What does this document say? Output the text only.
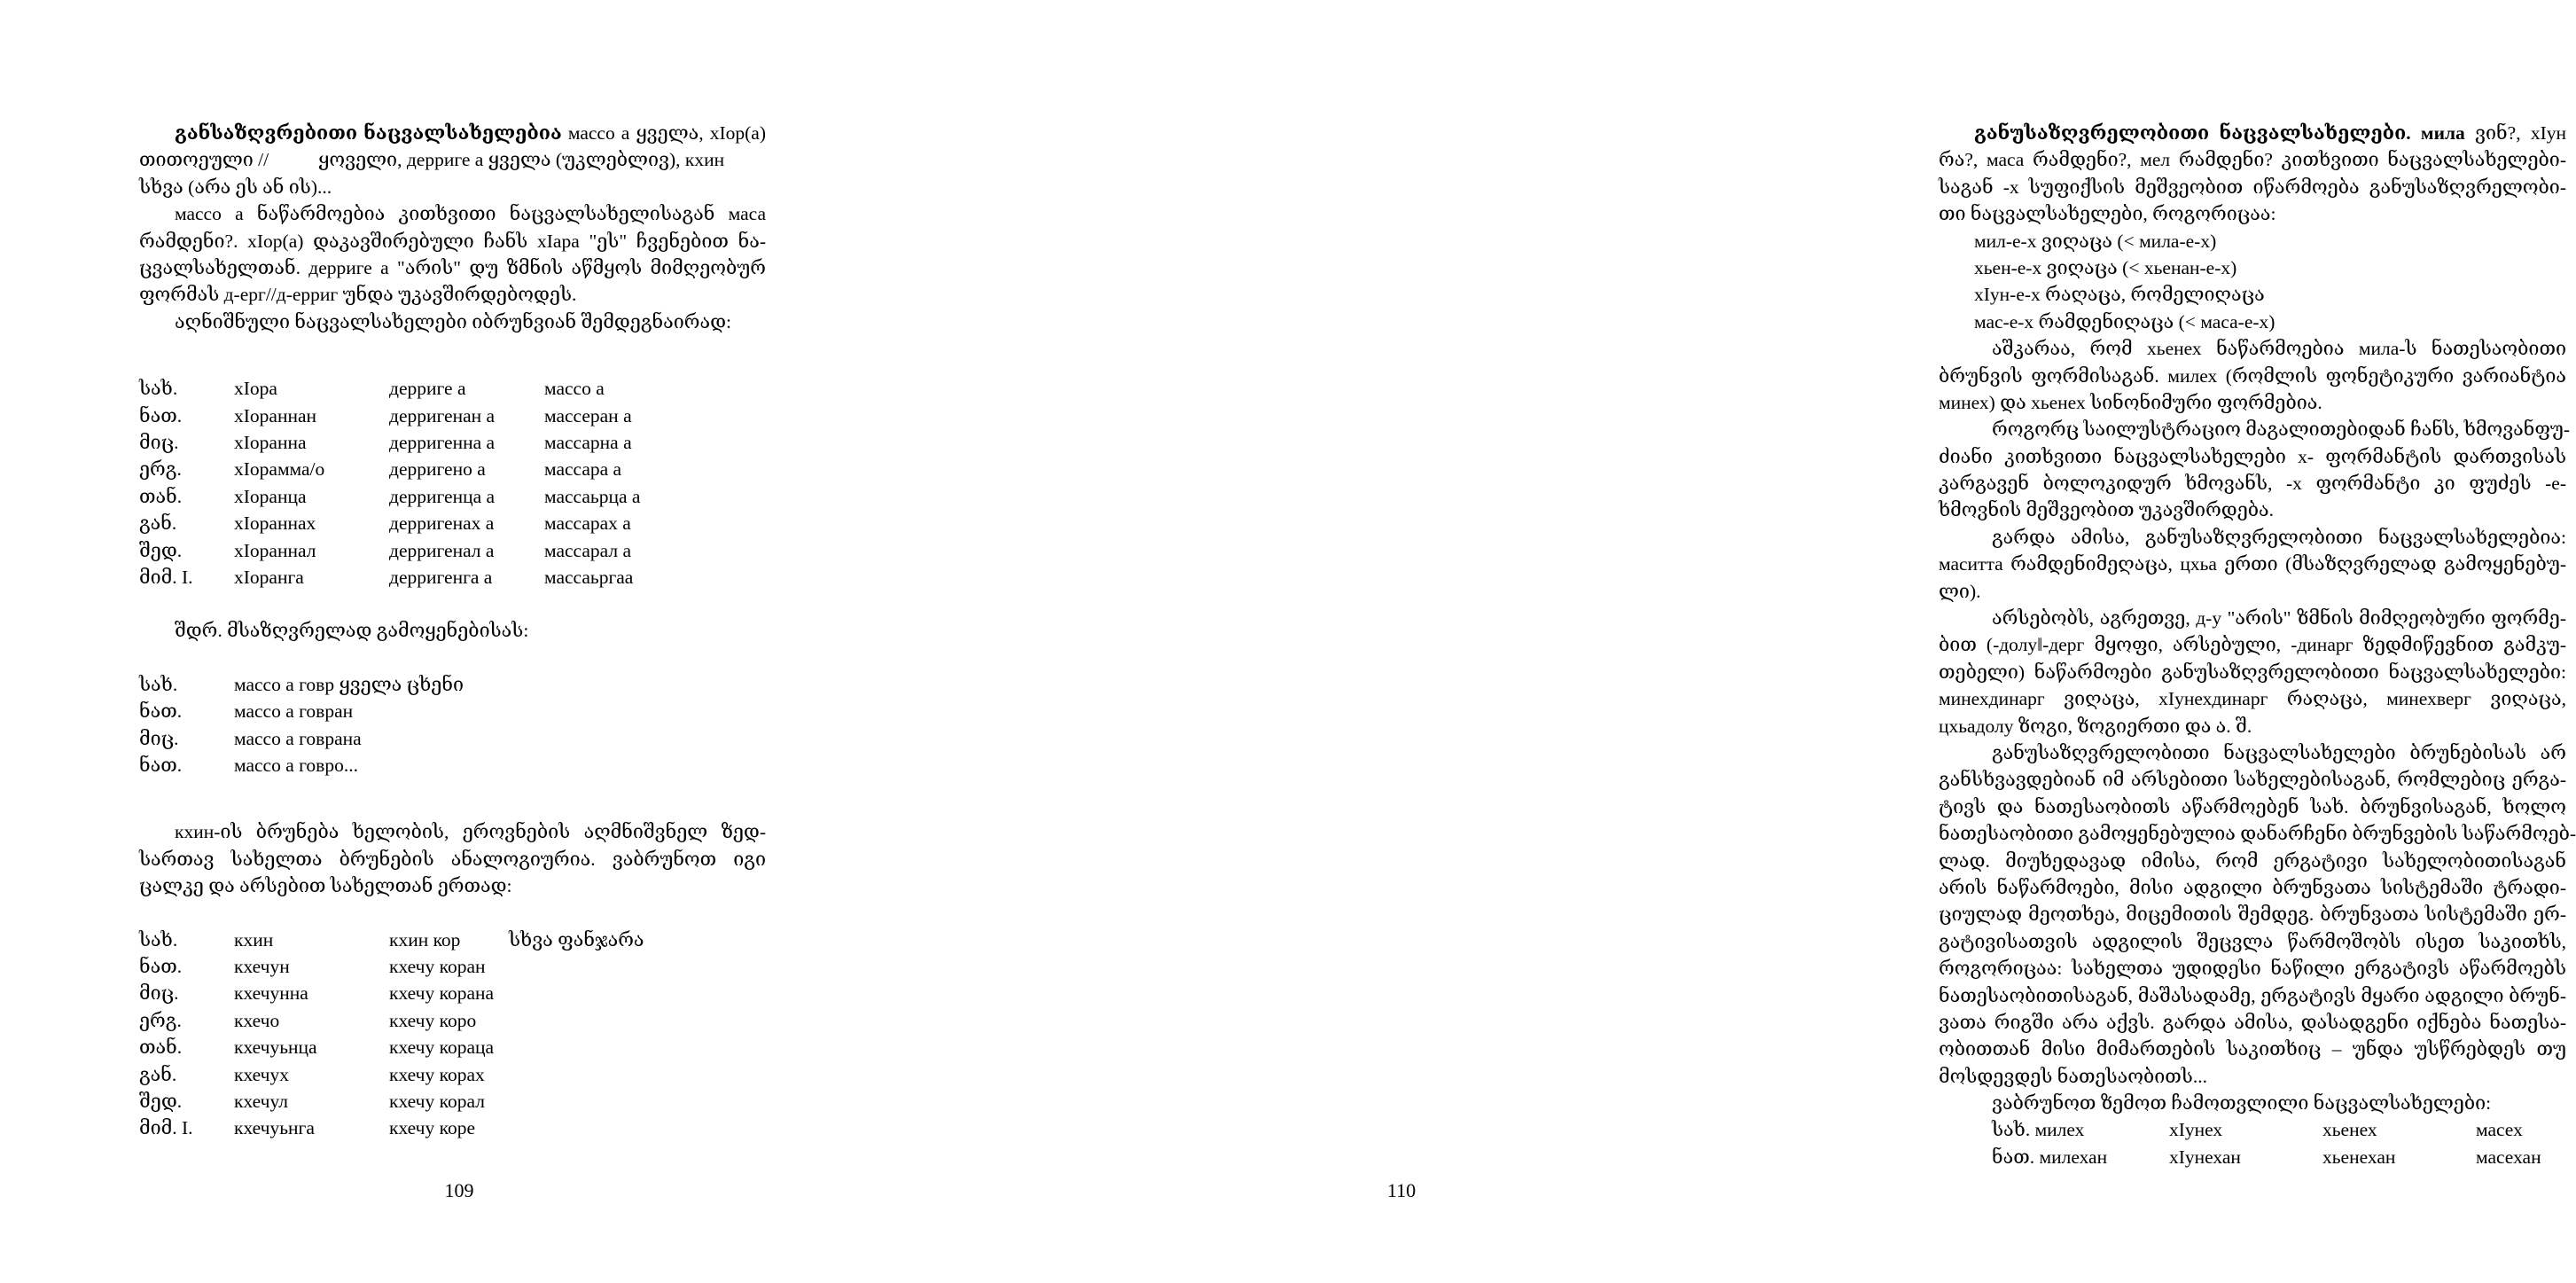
განსაზღვრებითი ნაცვალსახელებია массо а ყველა, хIор(а)
თითოეული //	ყოველი, дерриге а ყველა (უკლებლივ), кхин
სხვა (არა ეს ან ის)...
массо а ნაწარმოებია კითხვითი ნაცვალსახელისაგან маса
რამდენი?. хIор(а) დაკავშირებული ჩანს хIара "ეს" ჩვენებით ნა-
ცვალსახელთან. дерриге а "არის" დუ ზმნის აწმყოს მიმღეობურ
ფორმას д-ерг//д-ерриг უნდა უკავშირდებოდეს.
აღნიშნული ნაცვალსახელები იბრუნვიან შემდეგნაირად:
სახ.	хIора	дерриге а	массо а
ნათ.	хIораннан	дерригенан а	массеран а
მიც.	хIоранна	дерригенна а	массарна а
ერგ.	хIорамма/о	дерригено а	массара а
თან.	хIоранца	дерригенца а	массаьрца а
გან.	хIораннах	дерригенах а	массарах а
შედ.	хIораннал	дерригенал а	массарал а
მიმ. I.	хIоранга	дерригенга а	массаьргаа
შდრ. მსაზღვრელად გამოყენებისას:
სახ.	массо а говр ყველა ცხენი
ნათ.	массо а говран
მიც.	массо а говрана
ნათ.	массо а говро...
кхин-ის ბრუნება ხელობის, ეროვნების აღმნიშვნელ ზედ-
სართავ სახელთა ბრუნების ანალოგიურია. ვაბრუნოთ იგი
ცალკე და არსებით სახელთან ერთად:
სახ.	кхин	кхин кор	სხვა ფანჯარა
ნათ.	кхечун	кхечу коран	
მიც.	кхечунна	кхечу корана	
ერგ.	кхечо	кхечу коро	
თან.	кхечуьнца	кхечу кораца	
გან.	кхечух	кхечу корах	
შედ.	кхечул	кхечу корал	
მიმ. I.	кхечуьнга	кхечу коре	
109
განუსაზღვრელობითი ნაცვალსახელები. мила ვინ?, хIун
რა?, маса რამდენი?, мел რამდენი? კითხვითი ნაცვალსახელები-
საგან -х სუფიქსის მეშვეობით იწარმოება განუსაზღვრელობი-
თი ნაცვალსახელები, როგორიცაა:
мил-е-х ვიღაცა (< мила-е-х)
хьен-е-х ვიღაცა (< хьенан-е-х)
хIун-е-х რაღაცა, რომელიღაცა
мас-е-х რამდენიღაცა (< маса-е-х)
აშკარაა, რომ хьенех ნაწარმოებია мила-ს ნათესაობითი
ბრუნვის ფორმისაგან. милех (რომლის ფონეტიკური ვარიანტია
минех) და хьенех სინონიმური ფორმებია.
როგორც საილუსტრაციო მაგალითებიდან ჩანს, ხმოვანფუ-
ძიანი კითხვითი ნაცვალსახელები х- ფორმანტის დართვისას
კარგავენ ბოლოკიდურ ხმოვანს, -х ფორმანტი კი ფუძეს -е-
ხმოვნის მეშვეობით უკავშირდება.
გარდა ამისა, განუსაზღვრელობითი ნაცვალსახელებია:
маситта რამდენიმეღაცა, цхьа ერთი (მსაზღვრელად გამოყენებუ-
ლი).
არსებობს, აგრეთვე, д-у "არის" ზმნის მიმღეობური ფორმე-
ბით (-долу‖-дерг მყოფი, არსებული, -динарг ზედმიწევნით გამკუ-
თებელი) ნაწარმოები განუსაზღვრელობითი ნაცვალსახელები:
минехдинарг ვიღაცა, хIунехдинарг რაღაცა, минехверг ვიღაცა,
цхьадолу ზოგი, ზოგიერთი და ა. შ.
განუსაზღვრელობითი ნაცვალსახელები ბრუნებისას არ
განსხვავდებიან იმ არსებითი სახელებისაგან, რომლებიც ერგა-
ტივს და ნათესაობითს აწარმოებენ სახ. ბრუნვისაგან, ხოლო
ნათესაობითი გამოყენებულია დანარჩენი ბრუნვების საწარმოებ-
ლად. მიუხედავად იმისა, რომ ერგატივი სახელობითისაგან
არის ნაწარმოები, მისი ადგილი ბრუნვათა სისტემაში ტრადი-
ციულად მეოთხეა, მიცემითის შემდეგ. ბრუნვათა სისტემაში ერ-
გატივისათვის ადგილის შეცვლა წარმოშობს ისეთ საკითხს,
როგორიცაა: სახელთა უდიდესი ნაწილი ერგატივს აწარმოებს
ნათესაობითისაგან, მაშასადამე, ერგატივს მყარი ადგილი ბრუნ-
ვათა რიგში არა აქვს. გარდა ამისა, დასადგენი იქნება ნათესა-
ობითთან მისი მიმართების საკითხიც – უნდა უსწრებდეს თუ
მოსდევდეს ნათესაობითს...
ვაბრუნოთ ზემოთ ჩამოთვლილი ნაცვალსახელები:
სახ. милех	хIунех	хьенех	масех
ნათ. милехан	хIунехан	хьенехан	масехан
110
